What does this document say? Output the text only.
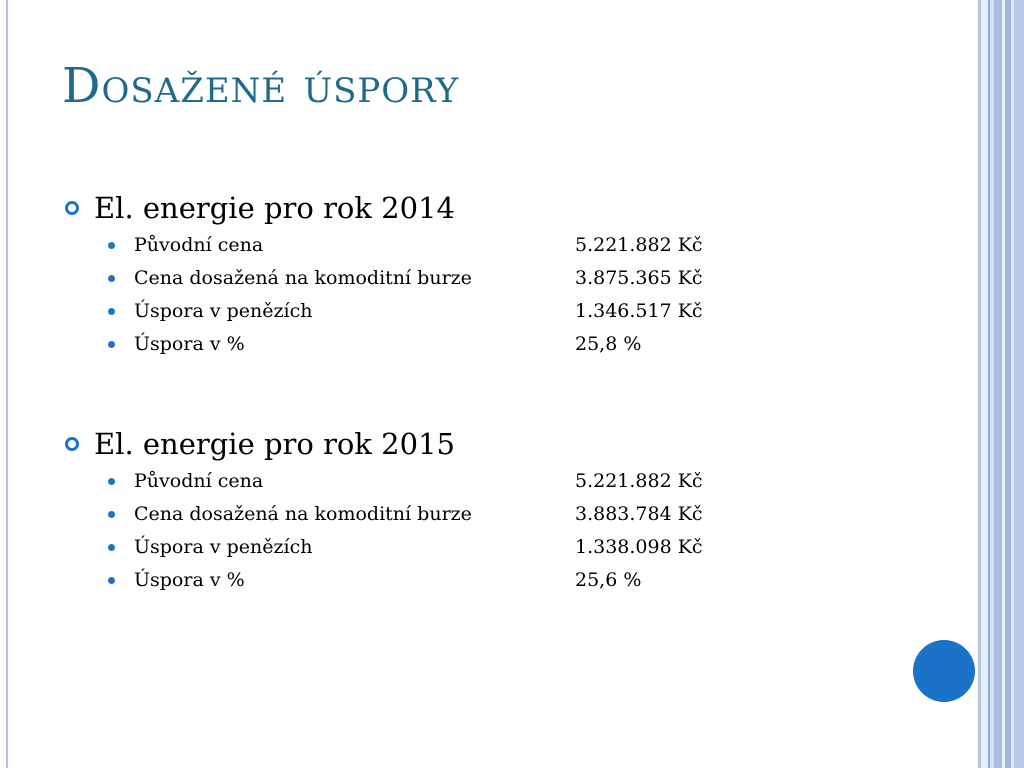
Dosažené úspory
El. energie pro rok 2014
Původní cena	5.221.882 Kč
Cena dosažená na komoditní burze	3.875.365 Kč
Úspora v penězích	1.346.517 Kč
Úspora v %	25,8 %
El. energie pro rok 2015
Původní cena	5.221.882 Kč
Cena dosažená na komoditní burze	3.883.784 Kč
Úspora v penězích	1.338.098 Kč
Úspora v %	25,6 %
